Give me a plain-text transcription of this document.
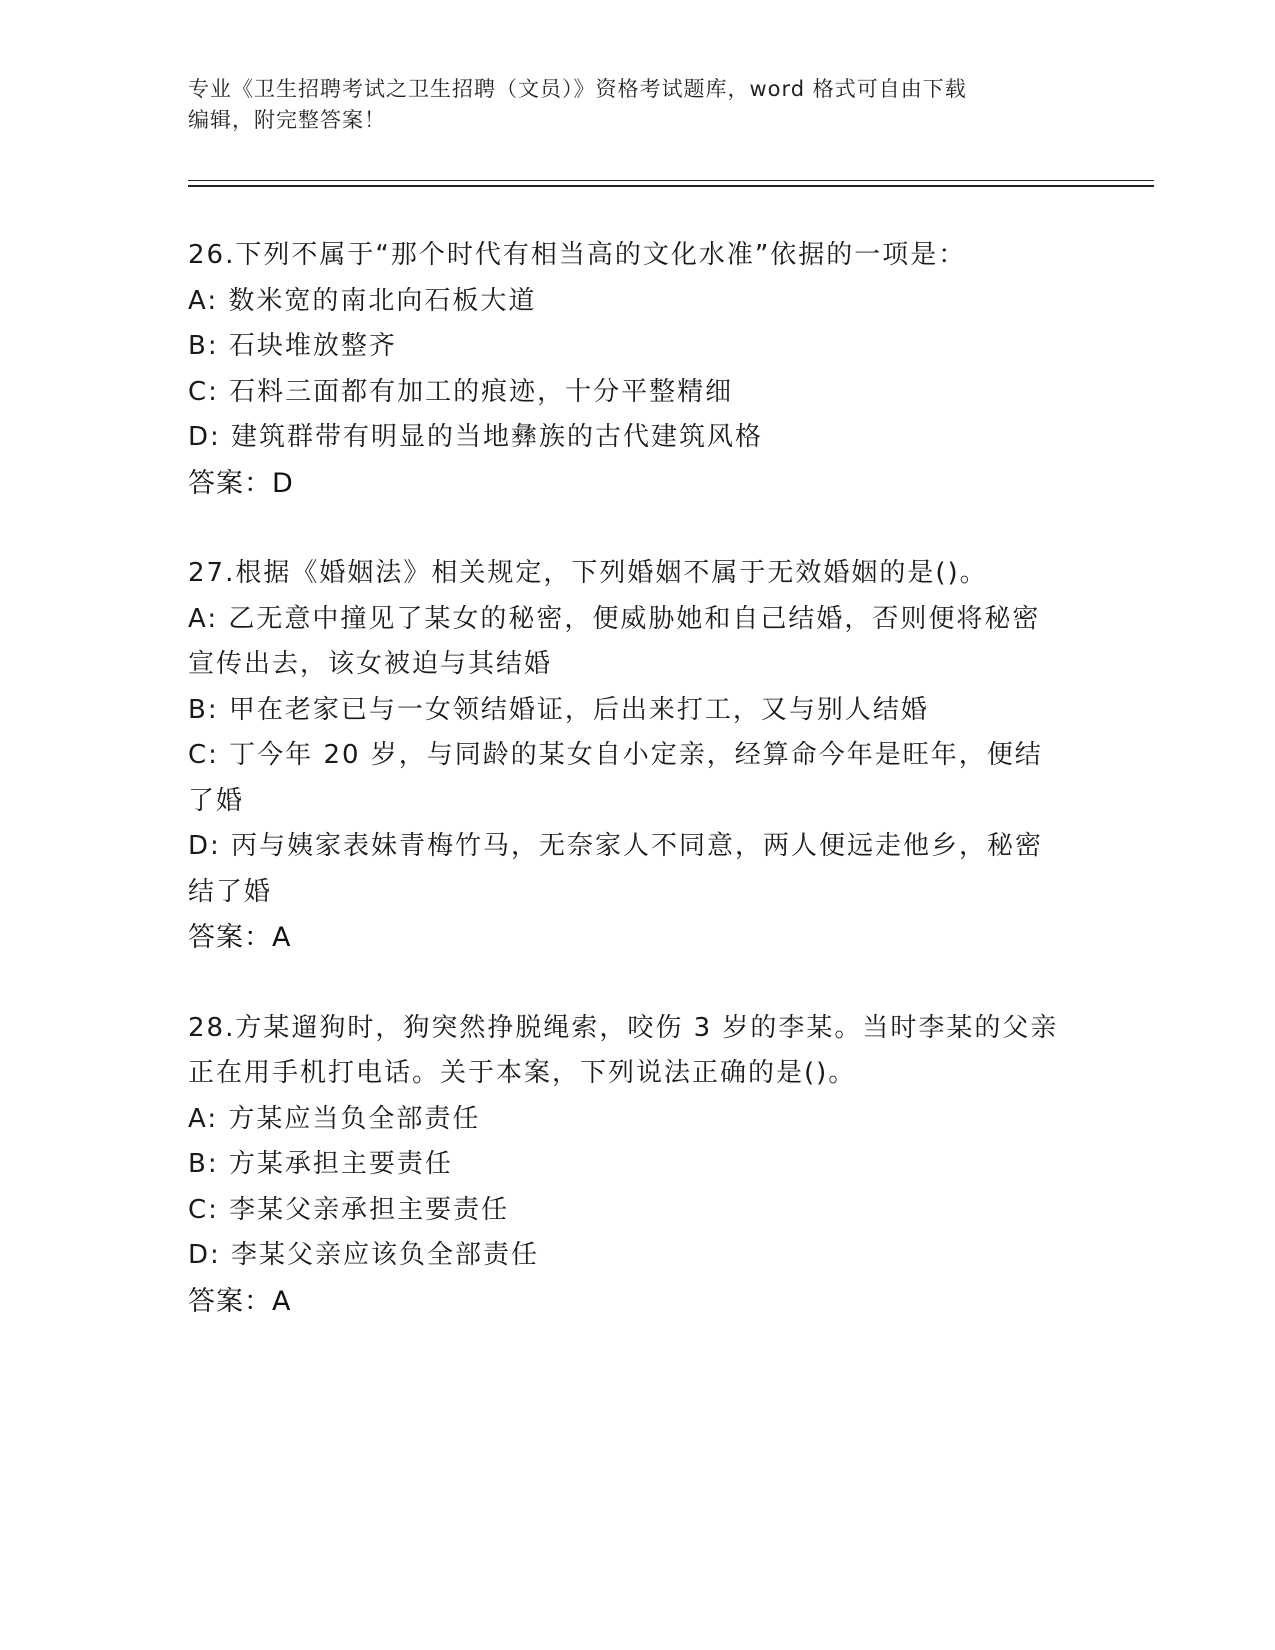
专业《卫生招聘考试之卫生招聘（文员）》资格考试题库，word 格式可自由下载
编辑，附完整答案！
26.下列不属于“那个时代有相当高的文化水准”依据的一项是：
A: 数米宽的南北向石板大道
B: 石块堆放整齐
C: 石料三面都有加工的痕迹，十分平整精细
D: 建筑群带有明显的当地彝族的古代建筑风格
答案：D
27.根据《婚姻法》相关规定，下列婚姻不属于无效婚姻的是()。
A: 乙无意中撞见了某女的秘密，便威胁她和自己结婚，否则便将秘密
宣传出去，该女被迫与其结婚
B: 甲在老家已与一女领结婚证，后出来打工，又与别人结婚
C: 丁今年 20 岁，与同龄的某女自小定亲，经算命今年是旺年，便结
了婚
D: 丙与姨家表妹青梅竹马，无奈家人不同意，两人便远走他乡，秘密
结了婚
答案：A
28.方某遛狗时，狗突然挣脱绳索，咬伤 3 岁的李某。当时李某的父亲
正在用手机打电话。关于本案，下列说法正确的是()。
A: 方某应当负全部责任
B: 方某承担主要责任
C: 李某父亲承担主要责任
D: 李某父亲应该负全部责任
答案：A
